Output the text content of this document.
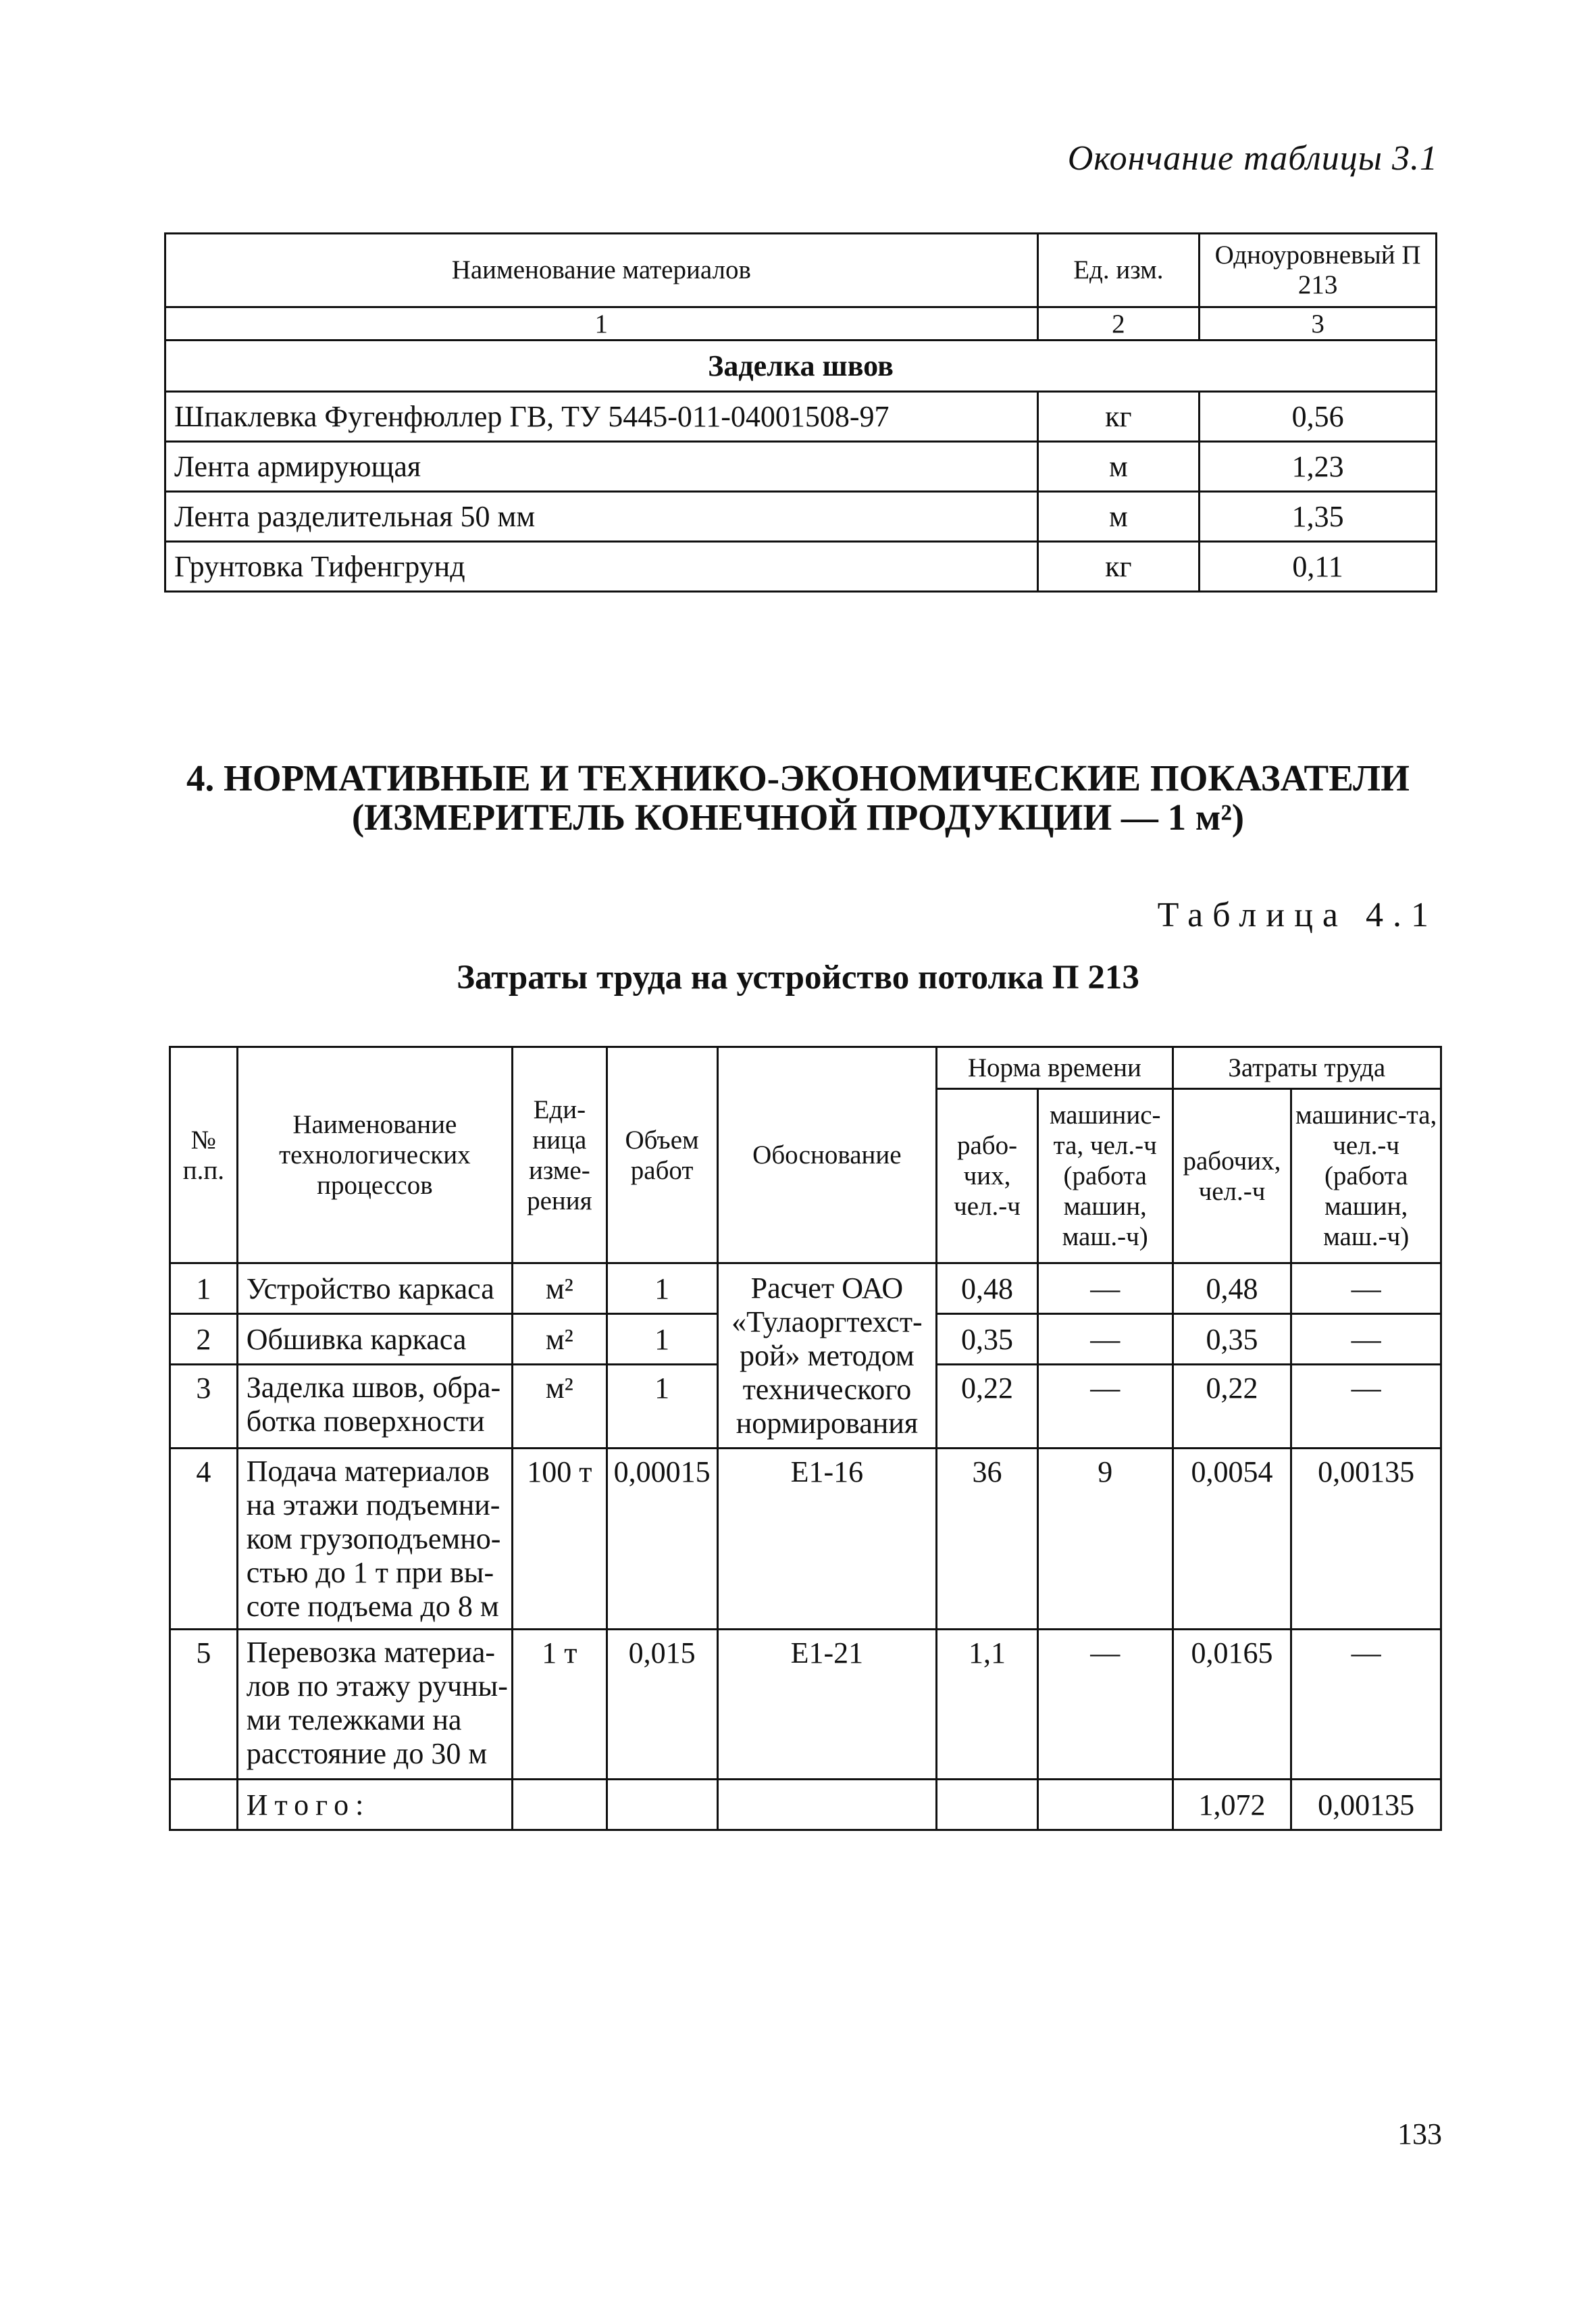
Окончание таблицы 3.1
Наименование материалов	Ед. изм.	Одноуровневый П 213
1	2	3
Заделка швов		
Шпаклевка Фугенфюллер ГВ, ТУ 5445-011-04001508-97	кг	0,56
Лента армирующая	м	1,23
Лента разделительная 50 мм	м	1,35
Грунтовка Тифенгрунд	кг	0,11
4. НОРМАТИВНЫЕ И ТЕХНИКО-ЭКОНОМИЧЕСКИЕ ПОКАЗАТЕЛИ
(ИЗМЕРИТЕЛЬ КОНЕЧНОЙ ПРОДУКЦИИ — 1 м²)
Таблица 4.1
Затраты труда на устройство потолка П 213
№ п.п.	Наименование технологических процессов	Еди-ница изме-рения	Объем работ	Обоснование	Норма времени		Затраты труда	
					рабо-чих, чел.-ч	машинис-та, чел.-ч (работа машин, маш.-ч)	рабочих, чел.-ч	машинис-та, чел.-ч (работа машин, маш.-ч)
1	Устройство каркаса	м²	1	Расчет ОАО «Тулаоргтехст-рой» методом технического нормирования	0,48	—	0,48	—
2	Обшивка каркаса	м²	1		0,35	—	0,35	—
3	Заделка швов, обра-ботка поверхности	м²	1		0,22	—	0,22	—
4	Подача материалов на этажи подъемни-ком грузоподъемно-стью до 1 т при вы-соте подъема до 8 м	100 т	0,00015	Е1-16	36	9	0,0054	0,00135
5	Перевозка материа-лов по этажу ручны-ми тележками на расстояние до 30 м	1 т	0,015	Е1-21	1,1	—	0,0165	—
	Итого:						1,072	0,00135
133
